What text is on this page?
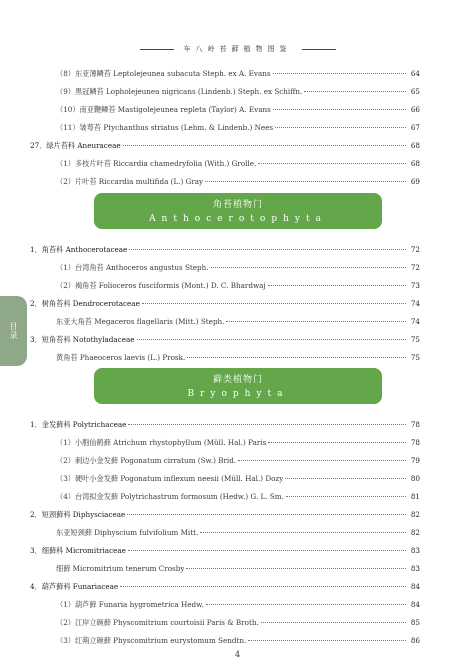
车八岭苔藓植物图鉴
目录
（8）东亚薄鳞苔 Leptolejeunea subacuta Steph. ex A. Evans	64
（9）黑冠鳞苔 Lopholejeunea nigricans (Lindenb.) Steph. ex Schiffn.	65
（10）南亚鞭鳞苔 Mastigolejeunea repleta (Taylor) A. Evans	66
（11）皱萼苔 Ptychanthus striatus (Lehm. & Lindenb.) Nees	67
27．绿片苔科 Aneuraceae	68
（1）多枝片叶苔 Riccardia chamedryfolia (With.) Grolle.	68
（2）片叶苔 Riccardia multifida (L.) Gray	69
角苔植物门
Anthocerotophyta
1．角苔科 Anthocerotaceae	72
（1）台湾角苔 Anthoceros angustus Steph.	72
（2）褐角苔 Folioceros fusciformis (Mont.) D. C. Bhardwaj	73
2．树角苔科 Dendrocerotaceae	74
东亚大角苔 Megaceros flagellaris (Mitt.) Steph.	74
3．短角苔科 Notothyladaceae	75
黄角苔 Phaeoceros laevis (L.) Prosk.	75
藓类植物门
Bryophyta
1．金发藓科 Polytrichaceae	78
（1）小胞仙鹤藓 Atrichum rhystophyllum (Müll. Hal.) Paris	78
（2）刺边小金发藓 Pogonatum cirratum (Sw.) Brid.	79
（3）硬叶小金发藓 Pogonatum inflexum neesii (Müll. Hal.) Dozy	80
（4）台湾拟金发藓 Polytrichastrum formosum (Hedw.) G. L. Sm.	81
2．短颈藓科 Diphysciaceae	82
东亚短颈藓 Diphyscium fulvifolium Mitt.	82
3．细藓科 Micromitriaceae	83
细藓 Micromitrium tenerum Crosby	83
4．葫芦藓科 Funariaceae	84
（1）葫芦藓 Funaria hygrometrica Hedw.	84
（2）江岸立碗藓 Physcomitrium courtoisii Paris & Broth.	85
（3）红蒴立碗藓 Physcomitrium eurystomum Sendtn.	86
4
